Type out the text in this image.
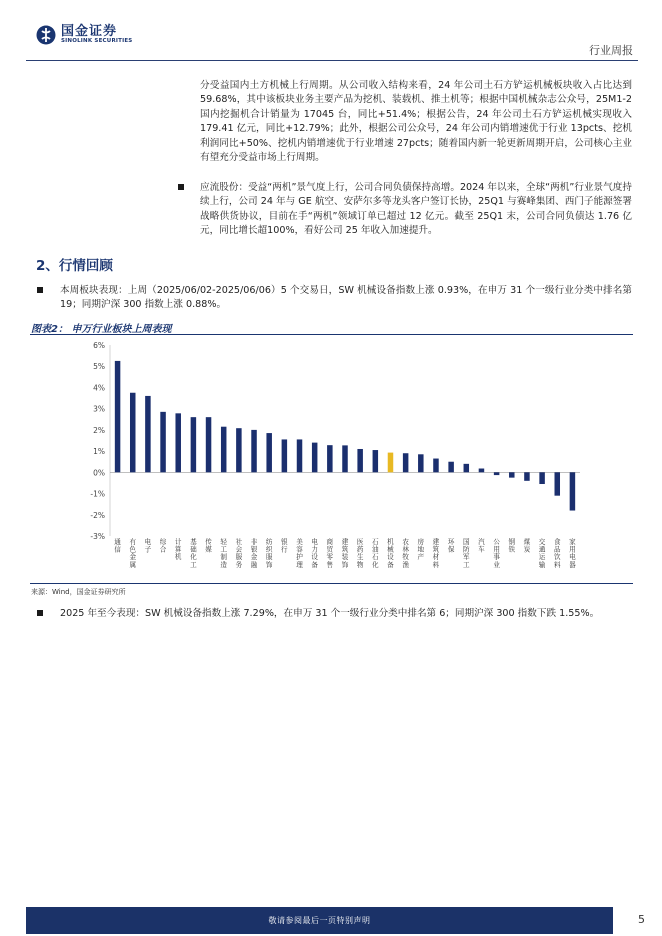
国金证券
SINOLINK SECURITIES
行业周报
分受益国内土方机械上行周期。从公司收入结构来看，24 年公司土石方铲运机械板块收入占比达到 59.68%，其中该板块业务主要产品为挖机、装载机、推土机等；根据中国机械杂志公众号，25M1-2 国内挖掘机合计销量为 17045 台，同比+51.4%；根据公告，24 年公司土石方铲运机械实现收入 179.41 亿元，同比+12.79%；此外，根据公司公众号，24 年公司内销增速优于行业 13pcts、挖机利润同比+50%、挖机内销增速优于行业增速 27pcts；随着国内新一轮更新周期开启，公司核心主业有望充分受益市场上行周期。
应流股份：受益“两机”景气度上行，公司合同负债保持高增。2024 年以来，全球“两机”行业景气度持续上行，公司 24 年与 GE 航空、安萨尔多等龙头客户签订长协，25Q1 与赛峰集团、西门子能源签署战略供货协议，目前在手“两机”领域订单已超过 12 亿元。截至 25Q1 末，公司合同负债达 1.76 亿元，同比增长超100%，看好公司 25 年收入加速提升。
2、行情回顾
本周板块表现：上周（2025/06/02-2025/06/06）5 个交易日，SW 机械设备指数上涨 0.93%，在申万 31 个一级行业分类中排名第 19；同期沪深 300 指数上涨 0.88%。
图表2： 申万行业板块上周表现
6%
5%
4%
3%
2%
1%
0%
-1%
-2%
-3%
通信
有色金属
电子
综合
计算机
基础化工
传媒
轻工制造
社会服务
非银金融
纺织服饰
银行
美容护理
电力设备
商贸零售
建筑装饰
医药生物
石油石化
机械设备
农林牧渔
房地产
建筑材料
环保
国防军工
汽车
公用事业
钢铁
煤炭
交通运输
食品饮料
家用电器
来源：Wind，国金证券研究所
2025 年至今表现：SW 机械设备指数上涨 7.29%，在申万 31 个一级行业分类中排名第 6；同期沪深 300 指数下跌 1.55%。
敬请参阅最后一页特别声明	5
